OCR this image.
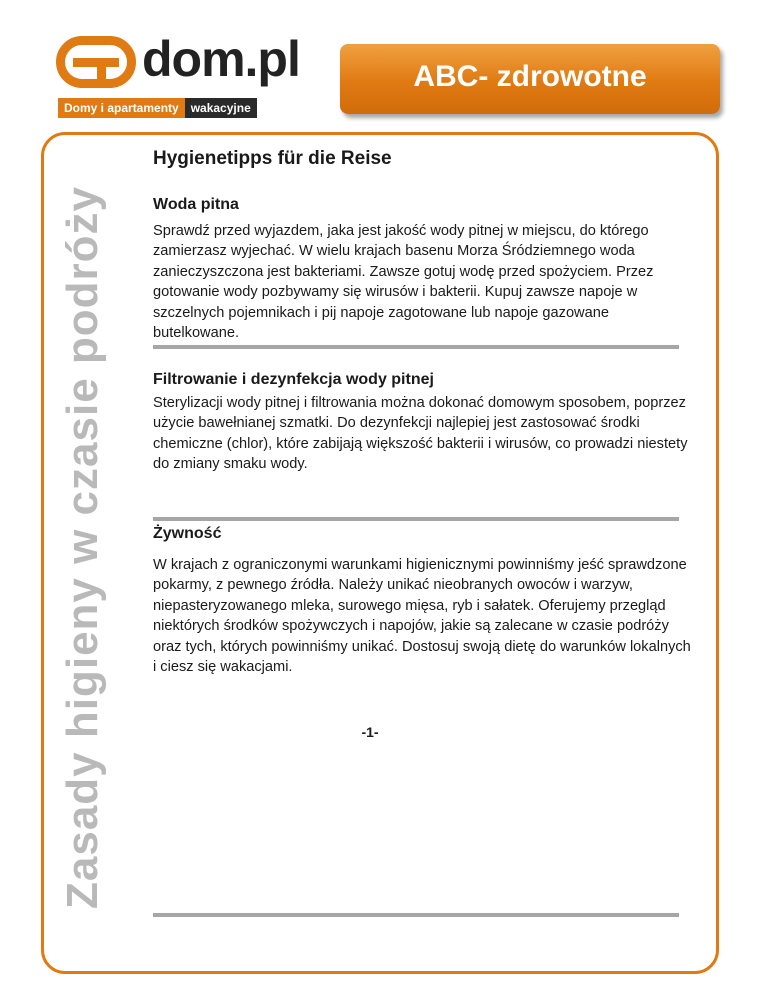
dom.pl
Domy i apartamenty	wakacyjne
ABC- zdrowotne
Zasady higieny w czasie podróży
Hygienetipps für die Reise
Woda pitna

Sprawdź przed wyjazdem, jaka jest jakość wody pitnej w miejscu, do którego zamierzasz wyjechać. W wielu krajach basenu Morza Śródziemnego woda zanieczyszczona jest bakteriami. Zawsze gotuj wodę przed spożyciem. Przez gotowanie wody pozbywamy się wirusów i bakterii. Kupuj zawsze napoje w szczelnych pojemnikach i pij napoje zagotowane lub napoje gazowane butelkowane.

Filtrowanie i dezynfekcja wody pitnej

Sterylizacji wody pitnej i filtrowania można dokonać domowym sposobem, poprzez użycie bawełnianej szmatki. Do dezynfekcji najlepiej jest zastosować środki chemiczne (chlor), które zabijają większość bakterii i wirusów, co prowadzi niestety do zmiany smaku wody.

Żywność

W krajach z ograniczonymi warunkami higienicznymi powinniśmy jeść sprawdzone pokarmy, z pewnego źródła. Należy unikać nieobranych owoców i warzyw, niepasteryzowanego mleka, surowego mięsa, ryb i sałatek. Oferujemy przegląd niektórych środków spożywczych i napojów, jakie są zalecane w czasie podróży oraz tych, których powinniśmy unikać. Dostosuj swoją dietę do warunków lokalnych i ciesz się wakacjami.

-1-
